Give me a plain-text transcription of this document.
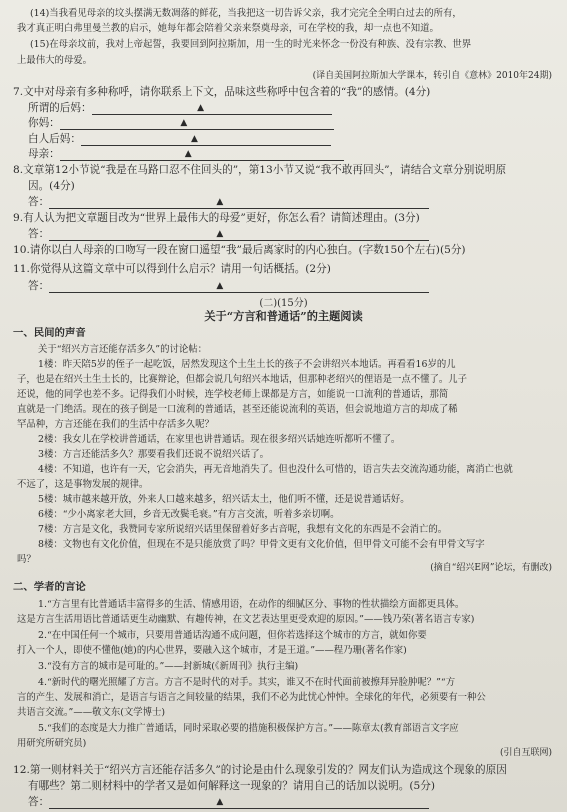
(14)当我看见母亲的坟头摆满无数凋落的鲜花，当我把这一切告诉父亲，我才完完全全明白过去的所有，
我才真正明白弗里曼兰教的启示，她每年都会陪着父亲来祭奠母亲，可在学校的我，却一点也不知道。
(15)在母亲坟前，我对上帝起誓，我要回到阿拉斯加，用一生的时光来怀念一份没有种族、没有宗教、世界
上最伟大的母爱。
(译自美国阿拉斯加大学课本，转引自《意林》2010年24期)
7.文中对母亲有多种称呼，请你联系上下文，品味这些称呼中包含着的“我”的感情。(4分)
所谓的后妈：	▲
你妈：	▲
白人后妈：	▲
母亲：	▲
8.文章第12小节说“我是在马路口忍不住回头的”，第13小节又说“我不敢再回头”，请结合文章分别说明原
因。(4分)
答：	▲
9.有人认为把文章题目改为“世界上最伟大的母爱”更好，你怎么看？请简述理由。(3分)
答：	▲
10.请你以白人母亲的口吻写一段在窗口遥望“我”最后离家时的内心独白。(字数150个左右)(5分)
11.你觉得从这篇文章中可以得到什么启示？请用一句话概括。(2分)
答：	▲
(二)(15分)
关于“方言和普通话”的主题阅读
一、民间的声音
关于“绍兴方言还能存活多久”的讨论帖：
1楼：昨天陪5岁的侄子一起吃饭，居然发现这个土生土长的孩子不会讲绍兴本地话。再看看16岁的儿
子，也是在绍兴土生土长的，比赛辩论，但都会说几句绍兴本地话，但那种老绍兴的俚语是一点不懂了。儿子
还说，他的同学也差不多。记得我们小时候，连学校老师上课都是方言，如能说一口流利的普通话，那简
直就是一门绝活。现在的孩子倒是一口流利的普通话，甚至还能说流利的英语，但会说地道方言的却成了稀
罕品种，方言还能在我们的生活中存活多久呢？
2楼：我女儿在学校讲普通话，在家里也讲普通话。现在很多绍兴话她连听都听不懂了。
3楼：方言还能活多久？那要看我们还说不说绍兴话了。
4楼：不知道，也许有一天，它会消失，再无音地消失了。但也没什么可惜的，语言失去交流沟通功能，离消亡也就
不远了，这是事物发展的规律。
5楼：城市越来越开放，外来人口越来越多，绍兴话太土，他们听不懂，还是说普通话好。
6楼：“少小离家老大回，乡音无改鬓毛衰。”有方言交流，听着多亲切啊。
7楼：方言是文化，我赞同专家所说绍兴话里保留着好多古音呢，我想有文化的东西是不会消亡的。
8楼：文物也有文化价值，但现在不是只能放赏了吗？甲骨文更有文化价值，但甲骨文可能不会有甲骨文写字
吗？
(摘自“绍兴E网”论坛，有删改)
二、学者的言论
1.“方言里有比普通话丰富得多的生活、情感用语，在动作的细腻区分、事物的性状描绘方面都更具体。
这是方言生活用语比普通话更生动幽默、有趣传神，在文艺表达里更受欢迎的原因。”——钱乃荣(著名语言专家)
2.“在中国任何一个城市，只要用普通话沟通不成问题，但你若选择这个城市的方言，就如你要
打入一个人，即使不懂他(她)的内心世界，要融入这个城市，才是王道。”——程乃珊(著名作家)
3.“没有方言的城市是可耻的。”——封新城(《新周刊》执行主编)
4.“新时代的曙光照耀了方言。方言不是时代的对手。其实，谁又不在时代面前被擦拜异脸肿呢？”“方
言的产生、发展和消亡，是语言与语言之间较量的结果，我们不必为此忧心忡忡。全球化的年代，必须要有一种公
共语言交流。”——敬文东(文学博士)
5.“我们的态度是大力推广普通话，同时采取必要的措施积极保护方言。”——陈章太(教育部语言文字应
用研究所研究员)
(引自互联网)
12.第一则材料关于“绍兴方言还能存活多久”的讨论是由什么现象引发的？网友们认为造成这个现象的原因
有哪些？第二则材料中的学者又是如何解释这一现象的？请用自己的话加以说明。(5分)
答：	▲
